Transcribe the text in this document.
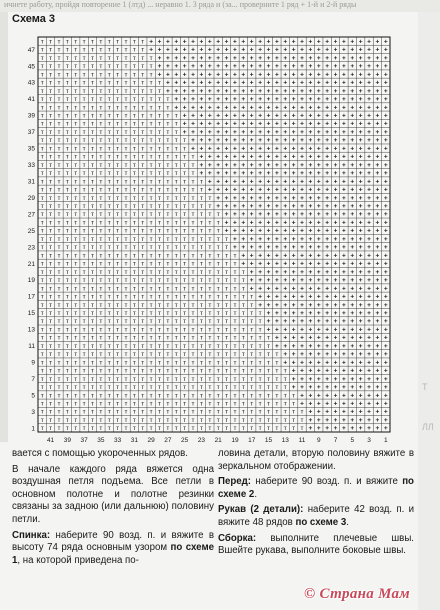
ичнете работу, пройдя повторение 1 (лтд) ... неравно 1. 3 ряда и (за... проверните 1 ряд + 1-й и 2-й ряды
Т
ЛЛ
Схема 3
т т т т т т т т т т т т т + + + + + + + + + + + + + + + + + + + + + + + + + + + + +
т т т т т т т т т т т т т + + + + + + + + + + + + + + + + + + + + + + + + + + + + +
т т т т т т т т т т т т т т + + + + + + + + + + + + + + + + + + + + + + + + + + + +
т т т т т т т т т т т т т т + + + + + + + + + + + + + + + + + + + + + + + + + + + +
т т т т т т т т т т т т т т + + + + + + + + + + + + + + + + + + + + + + + + + + + +
т т т т т т т т т т т т т т т + + + + + + + + + + + + + + + + + + + + + + + + + + +
т т т т т т т т т т т т т т т + + + + + + + + + + + + + + + + + + + + + + + + + + +
т т т т т т т т т т т т т т т т + + + + + + + + + + + + + + + + + + + + + + + + + +
т т т т т т т т т т т т т т т т + + + + + + + + + + + + + + + + + + + + + + + + + +
т т т т т т т т т т т т т т т т т + + + + + + + + + + + + + + + + + + + + + + + + +
т т т т т т т т т т т т т т т т т + + + + + + + + + + + + + + + + + + + + + + + + +
т т т т т т т т т т т т т т т т т + + + + + + + + + + + + + + + + + + + + + + + + +
т т т т т т т т т т т т т т т т т т + + + + + + + + + + + + + + + + + + + + + + + +
т т т т т т т т т т т т т т т т т т + + + + + + + + + + + + + + + + + + + + + + + +
т т т т т т т т т т т т т т т т т т т + + + + + + + + + + + + + + + + + + + + + + +
т т т т т т т т т т т т т т т т т т т + + + + + + + + + + + + + + + + + + + + + + +
т т т т т т т т т т т т т т т т т т т + + + + + + + + + + + + + + + + + + + + + + +
т т т т т т т т т т т т т т т т т т т т + + + + + + + + + + + + + + + + + + + + + +
т т т т т т т т т т т т т т т т т т т т + + + + + + + + + + + + + + + + + + + + + +
т т т т т т т т т т т т т т т т т т т т т + + + + + + + + + + + + + + + + + + + + +
т т т т т т т т т т т т т т т т т т т т т + + + + + + + + + + + + + + + + + + + + +
т т т т т т т т т т т т т т т т т т т т т т + + + + + + + + + + + + + + + + + + + +
т т т т т т т т т т т т т т т т т т т т т т + + + + + + + + + + + + + + + + + + + +
т т т т т т т т т т т т т т т т т т т т т т + + + + + + + + + + + + + + + + + + + +
т т т т т т т т т т т т т т т т т т т т т т т + + + + + + + + + + + + + + + + + + +
т т т т т т т т т т т т т т т т т т т т т т т + + + + + + + + + + + + + + + + + + +
т т т т т т т т т т т т т т т т т т т т т т т т + + + + + + + + + + + + + + + + + +
т т т т т т т т т т т т т т т т т т т т т т т т + + + + + + + + + + + + + + + + + +
т т т т т т т т т т т т т т т т т т т т т т т т т + + + + + + + + + + + + + + + + +
т т т т т т т т т т т т т т т т т т т т т т т т т + + + + + + + + + + + + + + + + +
т т т т т т т т т т т т т т т т т т т т т т т т т + + + + + + + + + + + + + + + + +
т т т т т т т т т т т т т т т т т т т т т т т т т т + + + + + + + + + + + + + + + +
т т т т т т т т т т т т т т т т т т т т т т т т т т + + + + + + + + + + + + + + + +
т т т т т т т т т т т т т т т т т т т т т т т т т т т + + + + + + + + + + + + + + +
т т т т т т т т т т т т т т т т т т т т т т т т т т т + + + + + + + + + + + + + + +
т т т т т т т т т т т т т т т т т т т т т т т т т т т + + + + + + + + + + + + + + +
т т т т т т т т т т т т т т т т т т т т т т т т т т т т + + + + + + + + + + + + + +
т т т т т т т т т т т т т т т т т т т т т т т т т т т т + + + + + + + + + + + + + +
т т т т т т т т т т т т т т т т т т т т т т т т т т т т т + + + + + + + + + + + + +
т т т т т т т т т т т т т т т т т т т т т т т т т т т т т + + + + + + + + + + + + +
т т т т т т т т т т т т т т т т т т т т т т т т т т т т т т + + + + + + + + + + + +
т т т т т т т т т т т т т т т т т т т т т т т т т т т т т т + + + + + + + + + + + +
т т т т т т т т т т т т т т т т т т т т т т т т т т т т т т + + + + + + + + + + + +
т т т т т т т т т т т т т т т т т т т т т т т т т т т т т т т + + + + + + + + + + +
т т т т т т т т т т т т т т т т т т т т т т т т т т т т т т т + + + + + + + + + + +
т т т т т т т т т т т т т т т т т т т т т т т т т т т т т т т т + + + + + + + + + +
т т т т т т т т т т т т т т т т т т т т т т т т т т т т т т т т + + + + + + + + + +
т т т т т т т т т т т т т т т т т т т т т т т т т т т т т т т т + + + + + + + + + +
47
45
43
41
39
37
35
33
31
29
27
25
23
21
19
17
15
13
11
9
7
5
3
1
41 39 37 35 33 31 29 27 25 23 21 19 17 15 13 11 9 7 5 3 1

вается с помощью укороченных рядов.

В начале каждого ряда вяжется одна воздушная петля подъема. Все петли в основном полотне и полотне резинки связаны за задною (или дальнюю) половину петли.

Спинка: наберите 90 возд. п. и вяжите в высоту 74 ряда основным узором по схеме 1, на которой приведена по-

ловина детали, вторую половину вяжите в зеркальном отображении.

Перед: наберите 90 возд. п. и вяжите по схеме 2.

Рукав (2 детали): наберите 42 возд. п. и вяжите 48 рядов по схеме 3.

Сборка: выполните плечевые швы. Вшейте рукава, выполните боковые швы.

© Страна Мам
